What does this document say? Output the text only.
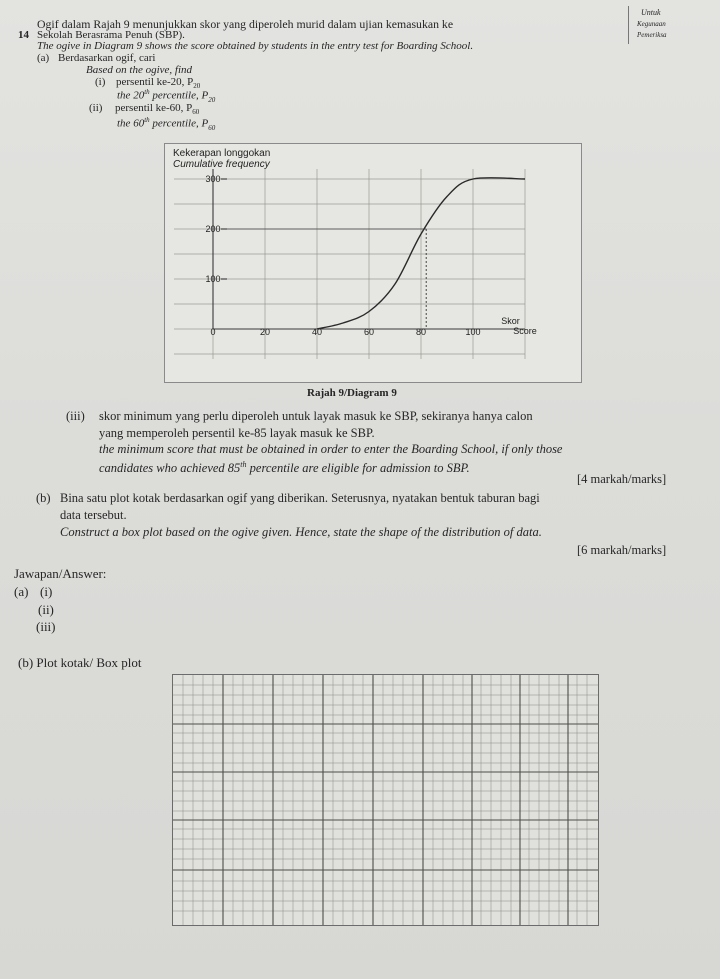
Untuk
Kegunaan
Pemeriksa
14
Ogif dalam Rajah 9 menunjukkan skor yang diperoleh murid dalam ujian kemasukan ke
Sekolah Berasrama Penuh (SBP).
The ogive in Diagram 9 shows the score obtained by students in the entry test for Boarding School.
(a) Berdasarkan ogif, cari
Based on the ogive, find
(i) persentil ke-20, $P_{20}$
the 20th percentile, $P_{20}$
(ii) persentil ke-60, $P_{60}$
the 60th percentile, $P_{60}$
Kekerapan longgokan
Cumulative frequency
Skor
Score
0	20	40	60	80	100
100
200
300
Rajah 9/Diagram 9
(iii) skor minimum yang perlu diperoleh untuk layak masuk ke SBP, sekiranya hanya calon
yang memperoleh persentil ke-85 layak masuk ke SBP.
the minimum score that must be obtained in order to enter the Boarding School, if only those
candidates who achieved 85th percentile are eligible for admission to SBP.
[4 markah/marks]
(b) Bina satu plot kotak berdasarkan ogif yang diberikan. Seterusnya, nyatakan bentuk taburan bagi
data tersebut.
Construct a box plot based on the ogive given. Hence, state the shape of the distribution of data.
[6 markah/marks]
Jawapan/Answer:
(a) (i)
(ii)
(iii)
(b) Plot kotak/ Box plot
